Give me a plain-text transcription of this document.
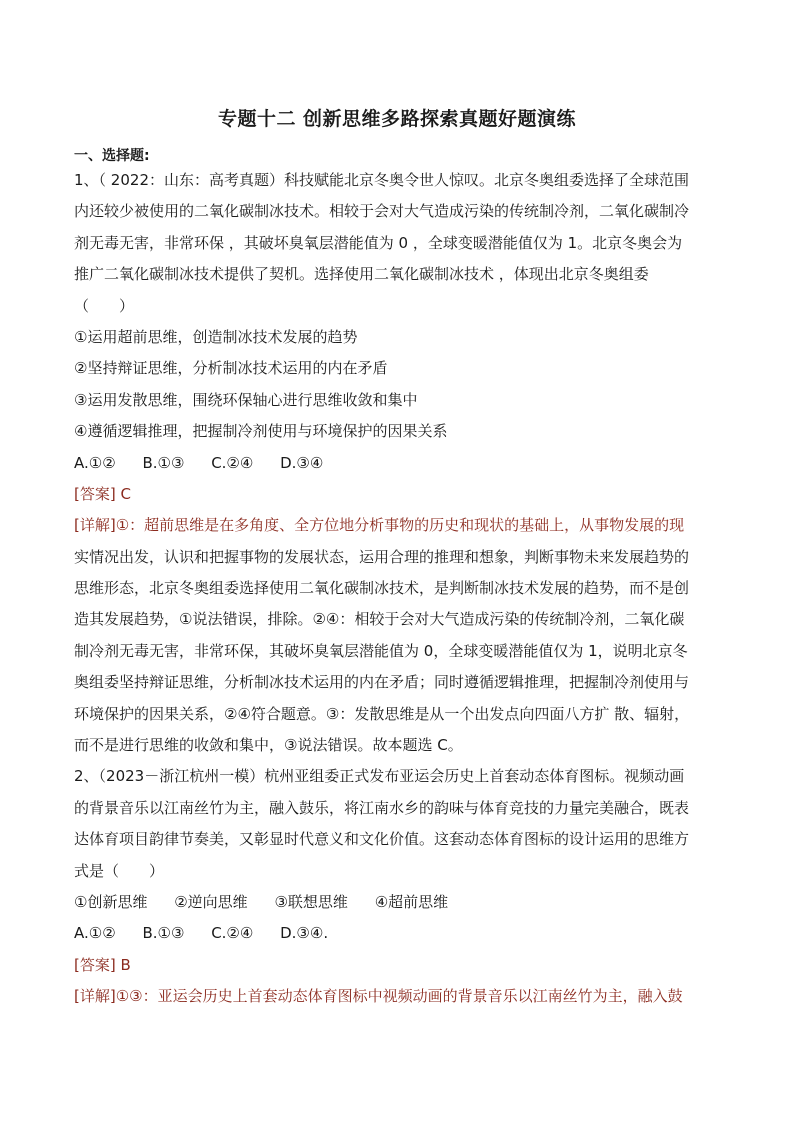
专题十二 创新思维多路探索真题好题演练
一、选择题:
1、（ 2022：山东：高考真题）科技赋能北京冬奥令世人惊叹。北京冬奥组委选择了全球范围
内还较少被使用的二氧化碳制冰技术。相较于会对大气造成污染的传统制冷剂，二氧化碳制冷
剂无毒无害，非常环保 ，其破坏臭氧层潜能值为 0 ，全球变暖潜能值仅为 1。北京冬奥会为
推广二氧化碳制冰技术提供了契机。选择使用二氧化碳制冰技术 ，体现出北京冬奥组委
（　　）
①运用超前思维，创造制冰技术发展的趋势
②坚持辩证思维，分析制冰技术运用的内在矛盾
③运用发散思维，围绕环保轴心进行思维收敛和集中
④遵循逻辑推理，把握制冷剂使用与环境保护的因果关系
A.①② B.①③ C.②④ D.③④
[答案] C
[详解]①：超前思维是在多角度、全方位地分析事物的历史和现状的基础上，从事物发展的现
实情况出发，认识和把握事物的发展状态，运用合理的推理和想象，判断事物未来发展趋势的
思维形态，北京冬奥组委选择使用二氧化碳制冰技术，是判断制冰技术发展的趋势，而不是创
造其发展趋势，①说法错误，排除。②④：相较于会对大气造成污染的传统制冷剂，二氧化碳
制冷剂无毒无害，非常环保，其破坏臭氧层潜能值为 0，全球变暖潜能值仅为 1，说明北京冬
奥组委坚持辩证思维，分析制冰技术运用的内在矛盾；同时遵循逻辑推理，把握制冷剂使用与
环境保护的因果关系，②④符合题意。③：发散思维是从一个出发点向四面八方扩 散、辐射，
而不是进行思维的收敛和集中，③说法错误。故本题选 C。
2、（2023－浙江杭州一模）杭州亚组委正式发布亚运会历史上首套动态体育图标。视频动画
的背景音乐以江南丝竹为主，融入鼓乐，将江南水乡的韵味与体育竞技的力量完美融合，既表
达体育项目韵律节奏美，又彰显时代意义和文化价值。这套动态体育图标的设计运用的思维方
式是（　　）
①创新思维 ②逆向思维 ③联想思维 ④超前思维
A.①② B.①③ C.②④ D.③④.
[答案] B
[详解]①③：亚运会历史上首套动态体育图标中视频动画的背景音乐以江南丝竹为主，融入鼓
